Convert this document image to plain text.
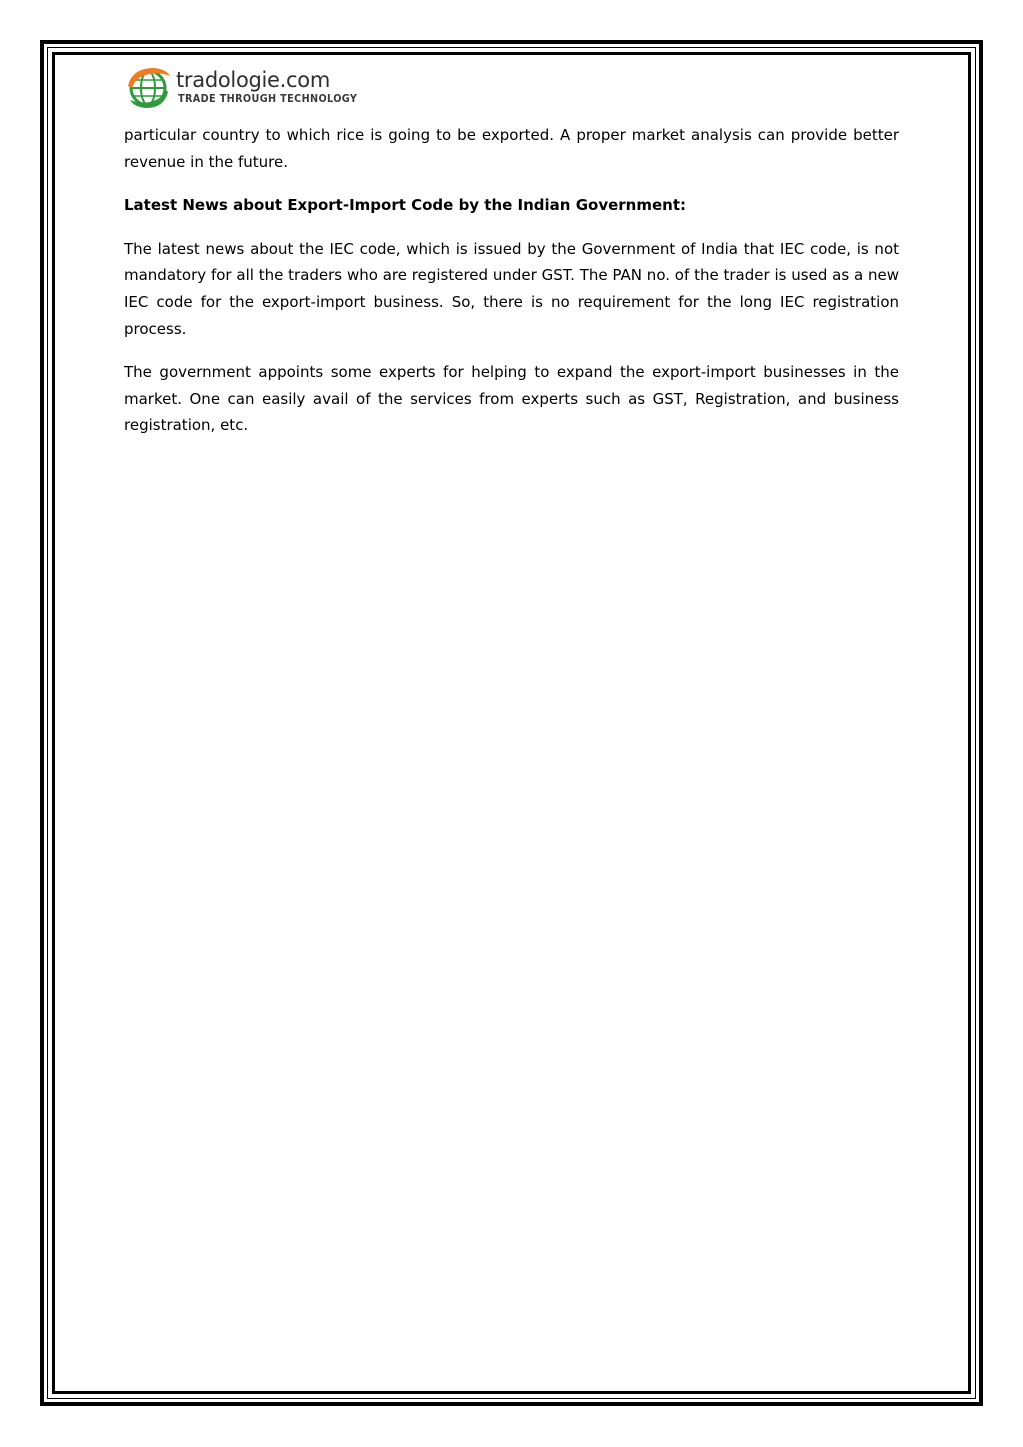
tradologie.com
TRADE THROUGH TECHNOLOGY

particular country to which rice is going to be exported. A proper market analysis can provide better revenue in the future.

Latest News about Export-Import Code by the Indian Government:

The latest news about the IEC code, which is issued by the Government of India that IEC code, is not mandatory for all the traders who are registered under GST. The PAN no. of the trader is used as a new IEC code for the export-import business. So, there is no requirement for the long IEC registration process.

The government appoints some experts for helping to expand the export-import businesses in the market. One can easily avail of the services from experts such as GST, Registration, and business registration, etc.
